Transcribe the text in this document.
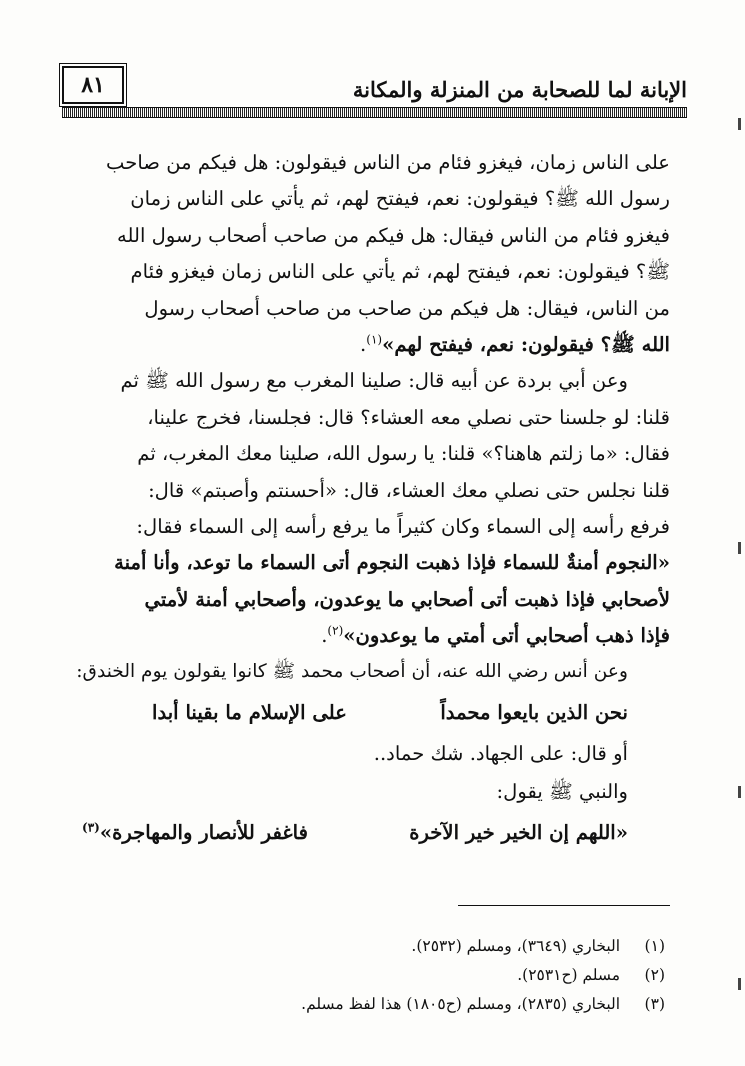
الإبانة لما للصحابة من المنزلة والمكانة
٨١
على الناس زمان، فيغزو فئام من الناس فيقولون: هل فيكم من صاحب
رسول الله ﷺ؟ فيقولون: نعم، فيفتح لهم، ثم يأتي على الناس زمان
فيغزو فئام من الناس فيقال: هل فيكم من صاحب أصحاب رسول الله
ﷺ؟ فيقولون: نعم، فيفتح لهم، ثم يأتي على الناس زمان فيغزو فئام
من الناس، فيقال: هل فيكم من صاحب من صاحب أصحاب رسول
الله ﷺ؟ فيقولون: نعم، فيفتح لهم»$^{(١)}$.
وعن أبي بردة عن أبيه قال: صلينا المغرب مع رسول الله ﷺ ثم
قلنا: لو جلسنا حتى نصلي معه العشاء؟ قال: فجلسنا، فخرج علينا،
فقال: «ما زلتم هاهنا؟» قلنا: يا رسول الله، صلينا معك المغرب، ثم
قلنا نجلس حتى نصلي معك العشاء، قال: «أحسنتم وأصبتم» قال:
فرفع رأسه إلى السماء وكان كثيراً ما يرفع رأسه إلى السماء فقال:
«النجوم أمنةٌ للسماء فإذا ذهبت النجوم أتى السماء ما توعد، وأنا أمنة
لأصحابي فإذا ذهبت أتى أصحابي ما يوعدون، وأصحابي أمنة لأمتي
فإذا ذهب أصحابي أتى أمتي ما يوعدون»$^{(٢)}$.
وعن أنس رضي الله عنه، أن أصحاب محمد ﷺ كانوا يقولون يوم الخندق:
نحن الذين بايعوا محمداً
على الإسلام ما بقينا أبدا
أو قال: على الجهاد. شك حماد..
والنبي ﷺ يقول:
«اللهم إن الخير خير الآخرة
فاغفر للأنصار والمهاجرة»$^{(٣)}$
(١) البخاري (٣٦٤٩)، ومسلم (٢٥٣٢).
(٢) مسلم (ح٢٥٣١).
(٣) البخاري (٢٨٣٥)، ومسلم (ح١٨٠٥) هذا لفظ مسلم.
